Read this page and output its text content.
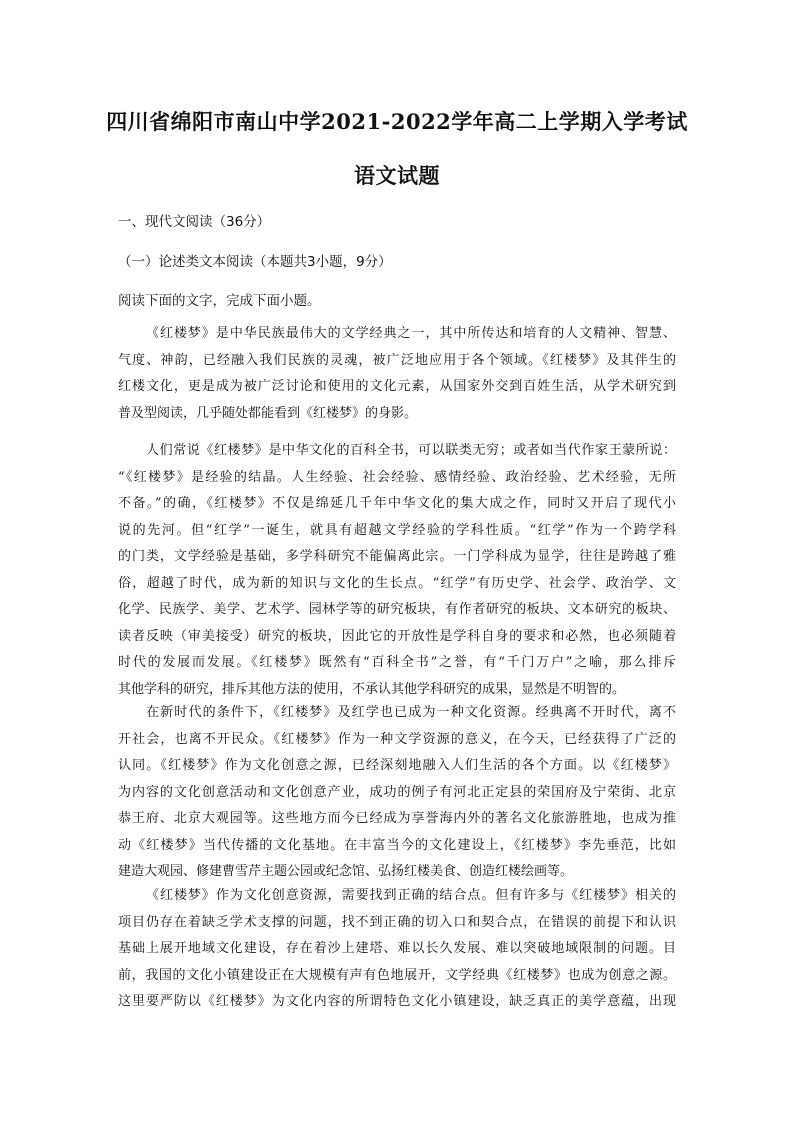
四川省绵阳市南山中学2021-2022学年高二上学期入学考试
语文试题
一、现代文阅读（36分）
（一）论述类文本阅读（本题共3小题，9分）
阅读下面的文字，完成下面小题。
《红楼梦》是中华民族最伟大的文学经典之一，其中所传达和培育的人文精神、智慧、
气度、神韵，已经融入我们民族的灵魂，被广泛地应用于各个领域。《红楼梦》及其伴生的
红楼文化，更是成为被广泛讨论和使用的文化元素，从国家外交到百姓生活，从学术研究到
普及型阅读，几乎随处都能看到《红楼梦》的身影。
人们常说《红楼梦》是中华文化的百科全书，可以联类无穷；或者如当代作家王蒙所说：
“《红楼梦》是经验的结晶。人生经验、社会经验、感情经验、政治经验、艺术经验，无所
不备。”的确，《红楼梦》不仅是绵延几千年中华文化的集大成之作，同时又开启了现代小
说的先河。但“红学”一诞生，就具有超越文学经验的学科性质。“红学”作为一个跨学科
的门类，文学经验是基础，多学科研究不能偏离此宗。一门学科成为显学，往往是跨越了雅
俗，超越了时代，成为新的知识与文化的生长点。“红学”有历史学、社会学、政治学、文
化学、民族学、美学、艺术学、园林学等的研究板块，有作者研究的板块、文本研究的板块、
读者反映（审美接受）研究的板块，因此它的开放性是学科自身的要求和必然，也必须随着
时代的发展而发展。《红楼梦》既然有“百科全书”之誉，有“千门万户”之喻，那么排斥
其他学科的研究，排斥其他方法的使用，不承认其他学科研究的成果，显然是不明智的。
在新时代的条件下，《红楼梦》及红学也已成为一种文化资源。经典离不开时代，离不
开社会，也离不开民众。《红楼梦》作为一种文学资源的意义，在今天，已经获得了广泛的
认同。《红楼梦》作为文化创意之源，已经深刻地融入人们生活的各个方面。以《红楼梦》
为内容的文化创意活动和文化创意产业，成功的例子有河北正定县的荣国府及宁荣街、北京
恭王府、北京大观园等。这些地方而今已经成为享誉海内外的著名文化旅游胜地，也成为推
动《红楼梦》当代传播的文化基地。在丰富当今的文化建设上，《红楼梦》李先垂范，比如
建造大观园、修建曹雪芹主题公园或纪念馆、弘扬红楼美食、创造红楼绘画等。
《红楼梦》作为文化创意资源，需要找到正确的结合点。但有许多与《红楼梦》相关的
项目仍存在着缺乏学术支撑的问题，找不到正确的切入口和契合点，在错误的前提下和认识
基础上展开地域文化建设，存在着沙上建塔、难以长久发展、难以突破地域限制的问题。目
前，我国的文化小镇建设正在大规模有声有色地展开，文学经典《红楼梦》也成为创意之源。
这里要严防以《红楼梦》为文化内容的所谓特色文化小镇建设，缺乏真正的美学意蕴，出现
